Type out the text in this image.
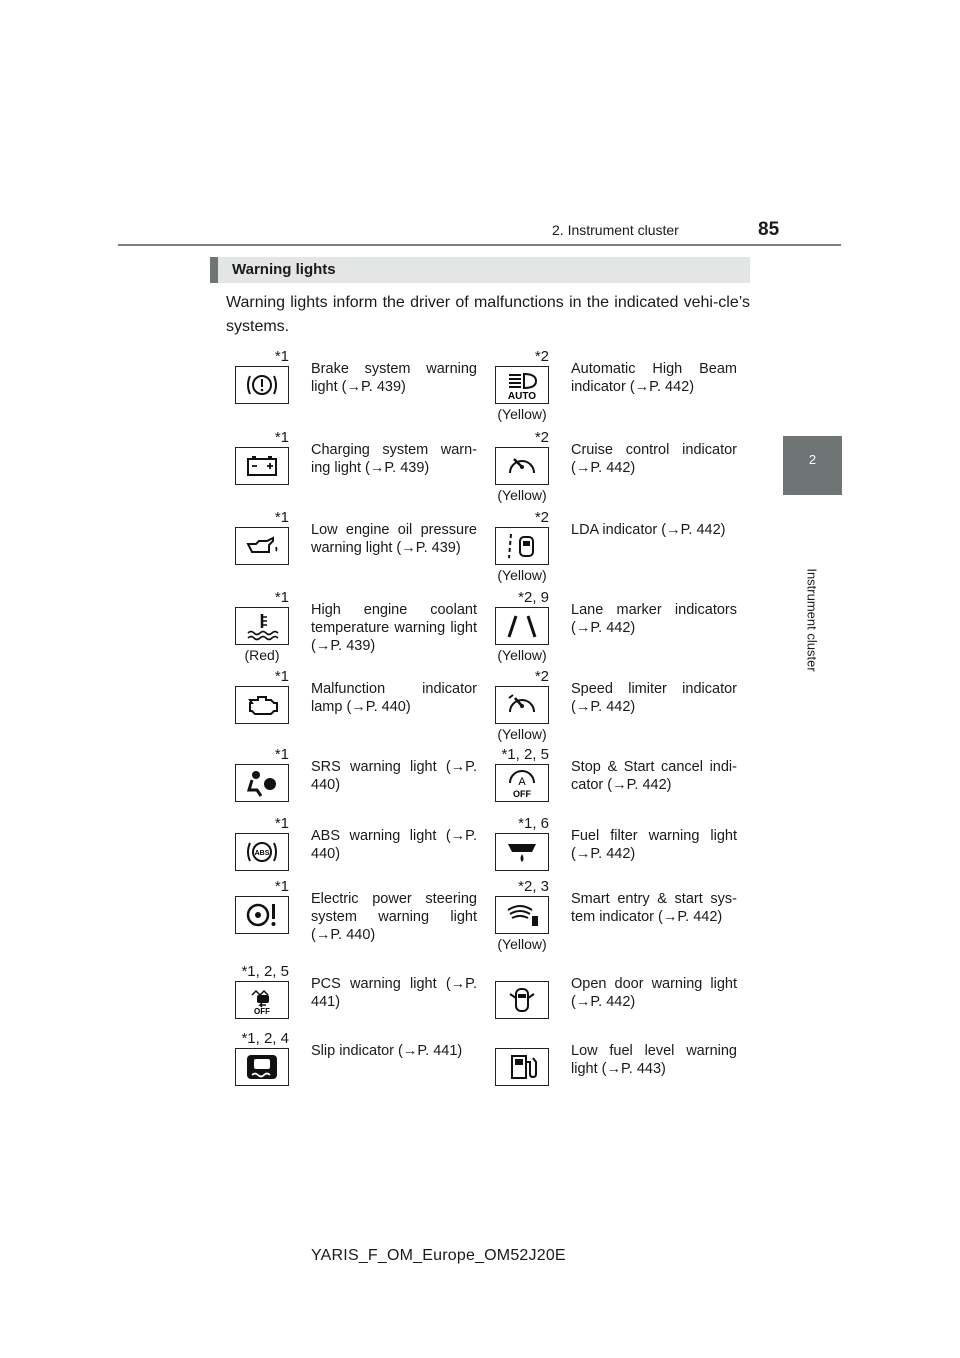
85
2. Instrument cluster
2
Instrument cluster
Warning lights
Warning lights inform the driver of malfunctions in the indicated vehi-cle’s systems.
*1
Brake system warning light (→P. 439)
*2
AUTO
(Yellow)
Automatic High Beam indicator (→P. 442)
*1
Charging system warn-ing light (→P. 439)
*2
(Yellow)
Cruise control indicator (→P. 442)
*1
Low engine oil pressure warning light (→P. 439)
*2
(Yellow)
LDA indicator (→P. 442)
*1
(Red)
High engine coolant temperature warning light (→P. 439)
*2, 9
(Yellow)
Lane marker indicators (→P. 442)
*1
Malfunction indicator lamp (→P. 440)
*2
(Yellow)
Speed limiter indicator (→P. 442)
*1
SRS warning light (→P. 440)
*1, 2, 5
A
OFF
Stop & Start cancel indi-cator (→P. 442)
*1
ABS
ABS warning light (→P. 440)
*1, 6
Fuel filter warning light (→P. 442)
*1
Electric power steering system warning light (→P. 440)
*2, 3
(Yellow)
Smart entry & start sys-tem indicator (→P. 442)
*1, 2, 5
OFF
PCS warning light (→P. 441)
Open door warning light (→P. 442)
*1, 2, 4
Slip indicator (→P. 441)	Low fuel level warning light (→P. 443)
YARIS_F_OM_Europe_OM52J20E
